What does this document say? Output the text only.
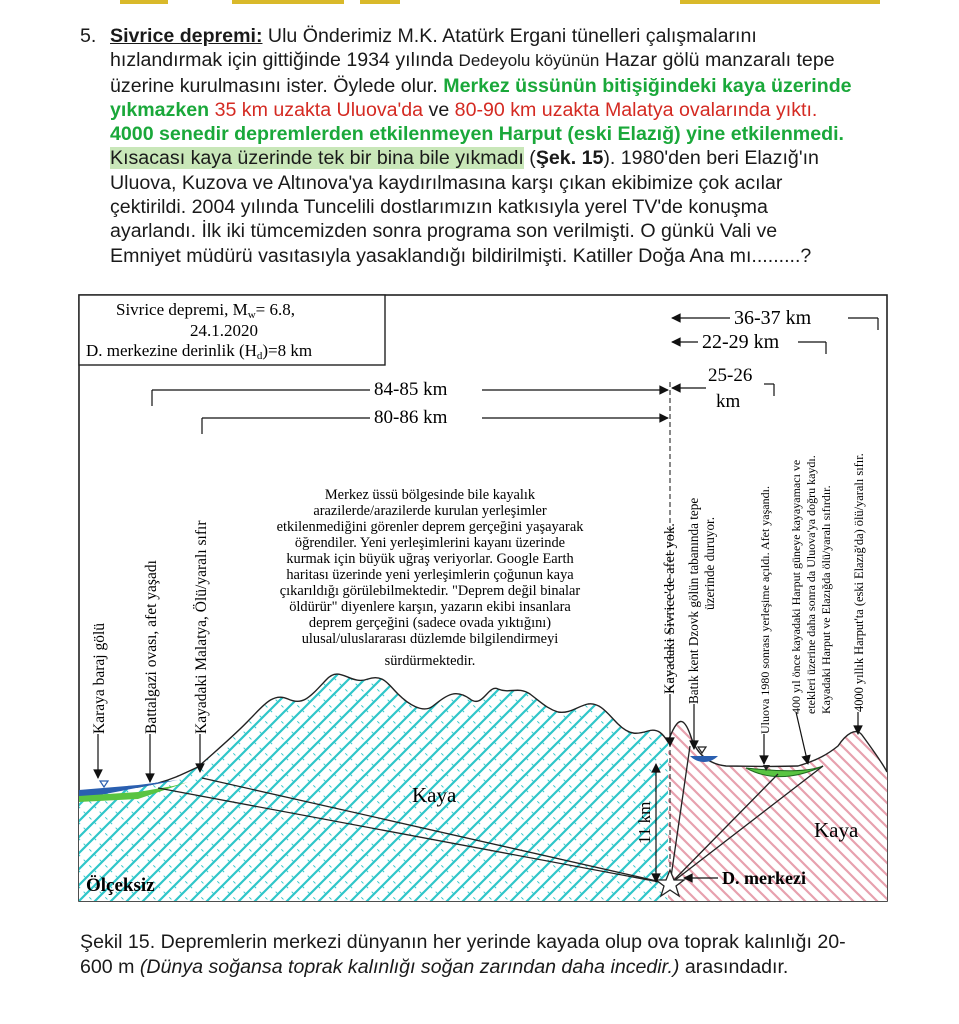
5. Sivrice depremi: Ulu Önderimiz M.K. Atatürk Ergani tünelleri çalışmalarını
hızlandırmak için gittiğinde 1934 yılında Dedeyolu köyünün Hazar gölü manzaralı tepe
üzerine kurulmasını ister. Öylede olur. Merkez üssünün bitişiğindeki kaya üzerinde
yıkmazken 35 km uzakta Uluova'da ve 80-90 km uzakta Malatya ovalarında yıktı.
4000 senedir depremlerden etkilenmeyen Harput (eski Elazığ) yine etkilenmedi.
Kısacası kaya üzerinde tek bir bina bile yıkmadı (Şek. 15). 1980'den beri Elazığ'ın
Uluova, Kuzova ve Altınova'ya kaydırılmasına karşı çıkan ekibimize çok acılar
çektirildi. 2004 yılında Tuncelili dostlarımızın katkısıyla yerel TV'de konuşma
ayarlandı. İlk iki tümcemizden sonra programa son verilmişti. O günkü Vali ve
Emniyet müdürü vasıtasıyla yasaklandığı bildirilmişti. Katiller Doğa Ana mı.........?
Sivrice depremi, Mw= 6.8,
24.1.2020
D. merkezine derinlik (Hd)=8 km
Karaya baraj gölü Battalgazi ovası, afet yaşadı Kayadaki Malatya, Ölü/yaralı sıfır
84-85 km
80-86 km
36-37 km
22-29 km
25-26
km
Merkez üssü bölgesinde bile kayalık
arazilerde/arazilerde kurulan yerleşimler
etkilenmediğini görenler deprem gerçeğini yaşayarak
öğrendiler. Yeni yerleşimlerini kayanı üzerinde
kurmak için büyük uğraş veriyorlar. Google Earth
haritası üzerinde yeni yerleşimlerin çoğunun kaya
çıkarıldığı görülebilmektedir. "Deprem değil binalar
öldürür" diyenlere karşın, yazarın ekibi insanlara
deprem gerçeğini (sadece ovada yıktığını)
ulusal/uluslararası düzlemde bilgilendirmeyi
sürdürmektedir.	Kayadaki Sivrice'de afet yok. Batık kent Dzovk gölün tabanında tepe üzerinde duruyor.	Uluova 1980 sonrası yerleşime açıldı. Afet yaşandı. 400 yıl önce kayadaki Harput güneye kayayamacı ve etekleri üzerine daha sonra da Uluova'ya doğru kaydı. Kayadaki Harput ve Elazığda ölü/yaralı sıfırdır. 4000 yıllık Harput'ta (eski Elazığ'da) ölü/yaralı sıfır.
11 km
Kaya
Kaya
Ölçeksiz	D. merkezi
Şekil 15. Depremlerin merkezi dünyanın her yerinde kayada olup ova toprak kalınlığı 20-
600 m (Dünya soğansa toprak kalınlığı soğan zarından daha incedir.) arasındadır.
